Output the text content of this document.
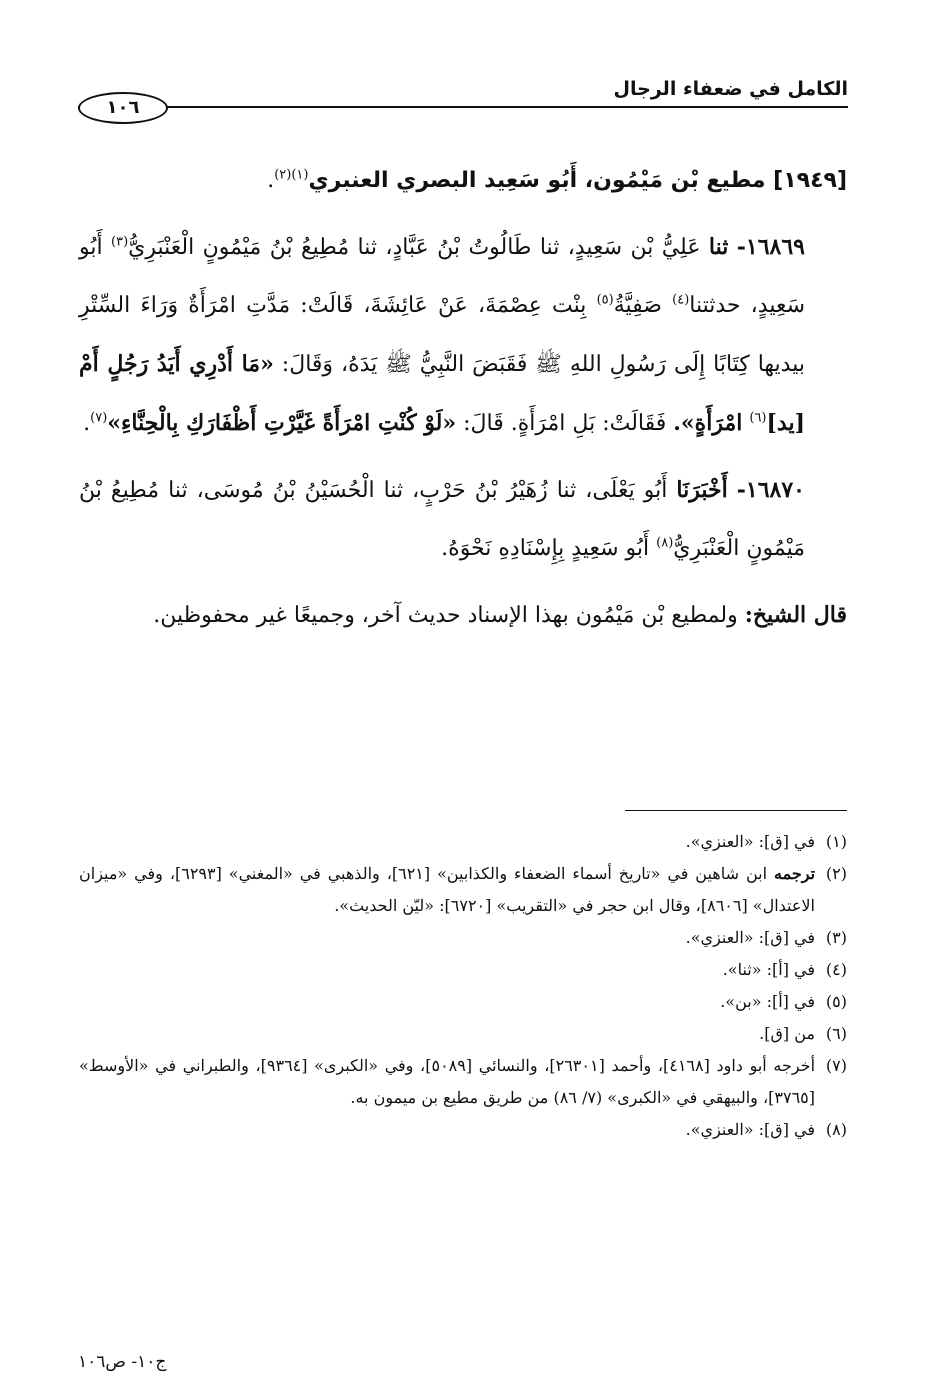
الكامل في ضعفاء الرجال
١٠٦

[١٩٤٩] مطيع بْن مَيْمُون، أَبُو سَعِيد البصري العنبري$^{(١)(٢)}$.

١٦٨٦٩- ثنا عَلِيُّ بْن سَعِيدٍ، ثنا طَالُوتُ بْنُ عَبَّادٍ، ثنا مُطِيعُ بْنُ مَيْمُونٍ الْعَنْبَرِيُّ$^{(٣)}$ أَبُو سَعِيدٍ، حدثتنا$^{(٤)}$ صَفِيَّةُ$^{(٥)}$ بِنْت عِصْمَةَ، عَنْ عَائِشَةَ، قَالَتْ: مَدَّتِ امْرَأَةٌ وَرَاءَ السِّتْرِ بيديها كِتَابًا إِلَى رَسُولِ اللهِ ﷺ فَقَبَضَ النَّبِيُّ ﷺ يَدَهُ، وَقَالَ: «مَا أَدْرِي أَيَدُ رَجُلٍ أَمْ [يد]$^{(٦)}$ امْرَأَةٍ». فَقَالَتْ: بَلِ امْرَأَةٍ. قَالَ: «لَوْ كُنْتِ امْرَأَةً غَيَّرْتِ أَظْفَارَكِ بِالْحِنَّاءِ»$^{(٧)}$.

١٦٨٧٠- أَخْبَرَنَا أَبُو يَعْلَى، ثنا زُهَيْرُ بْنُ حَرْبٍ، ثنا الْحُسَيْنُ بْنُ مُوسَى، ثنا مُطِيعُ بْنُ مَيْمُونٍ الْعَنْبَرِيُّ$^{(٨)}$ أَبُو سَعِيدٍ بِإِسْنَادِهِ نَحْوَهُ.

قال الشيخ: ولمطيع بْن مَيْمُون بهذا الإسناد حديث آخر، وجميعًا غير محفوظين.

(١)
في [ق]: «العنزي».
(٢)
ترجمه ابن شاهين في «تاريخ أسماء الضعفاء والكذابين» [٦٢١]، والذهبي في «المغني» [٦٢٩٣]، وفي «ميزان الاعتدال» [٨٦٠٦]، وقال ابن حجر في «التقريب» [٦٧٢٠]: «ليّن الحديث».
(٣)
في [ق]: «العنزي».
(٤)
في [أ]: «ثنا».
(٥)
في [أ]: «بن».
(٦)
من [ق].
(٧)
أخرجه أبو داود [٤١٦٨]، وأحمد [٢٦٣٠١]، والنسائي [٥٠٨٩]، وفي «الكبرى» [٩٣٦٤]، والطبراني في «الأوسط» [٣٧٦٥]، والبيهقي في «الكبرى» (٧/ ٨٦) من طريق مطيع بن ميمون به.
(٨)
في [ق]: «العنزي».
ج١٠- ص١٠٦
